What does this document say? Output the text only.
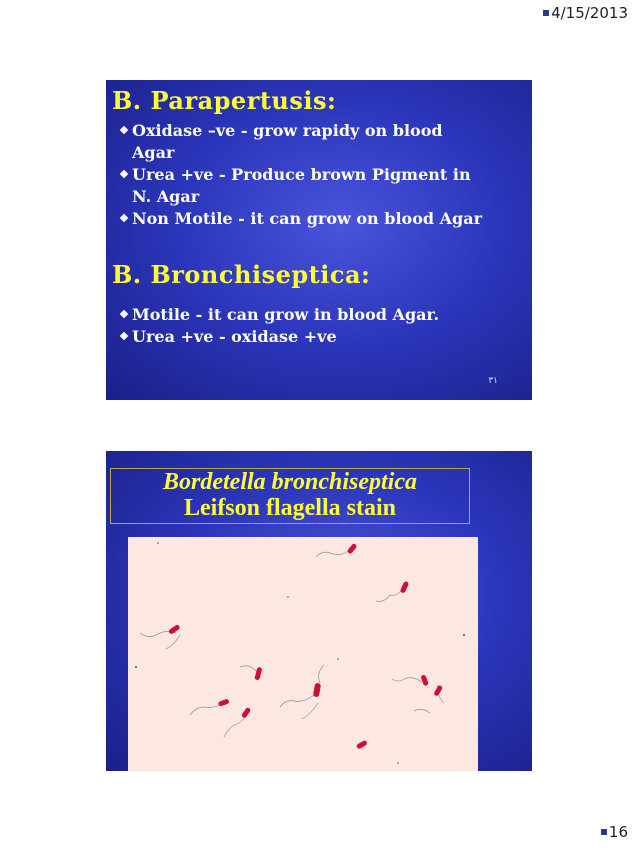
4/15/2013
B. Parapertusis:
Oxidase –ve - grow rapidy on blood
Agar
Urea +ve - Produce brown Pigment in
N. Agar
Non Motile - it can grow on blood Agar
B. Bronchiseptica:
Motile - it can grow in blood Agar.
Urea +ve - oxidase +ve
٣١
Bordetella bronchiseptica
Leifson flagella stain
16
